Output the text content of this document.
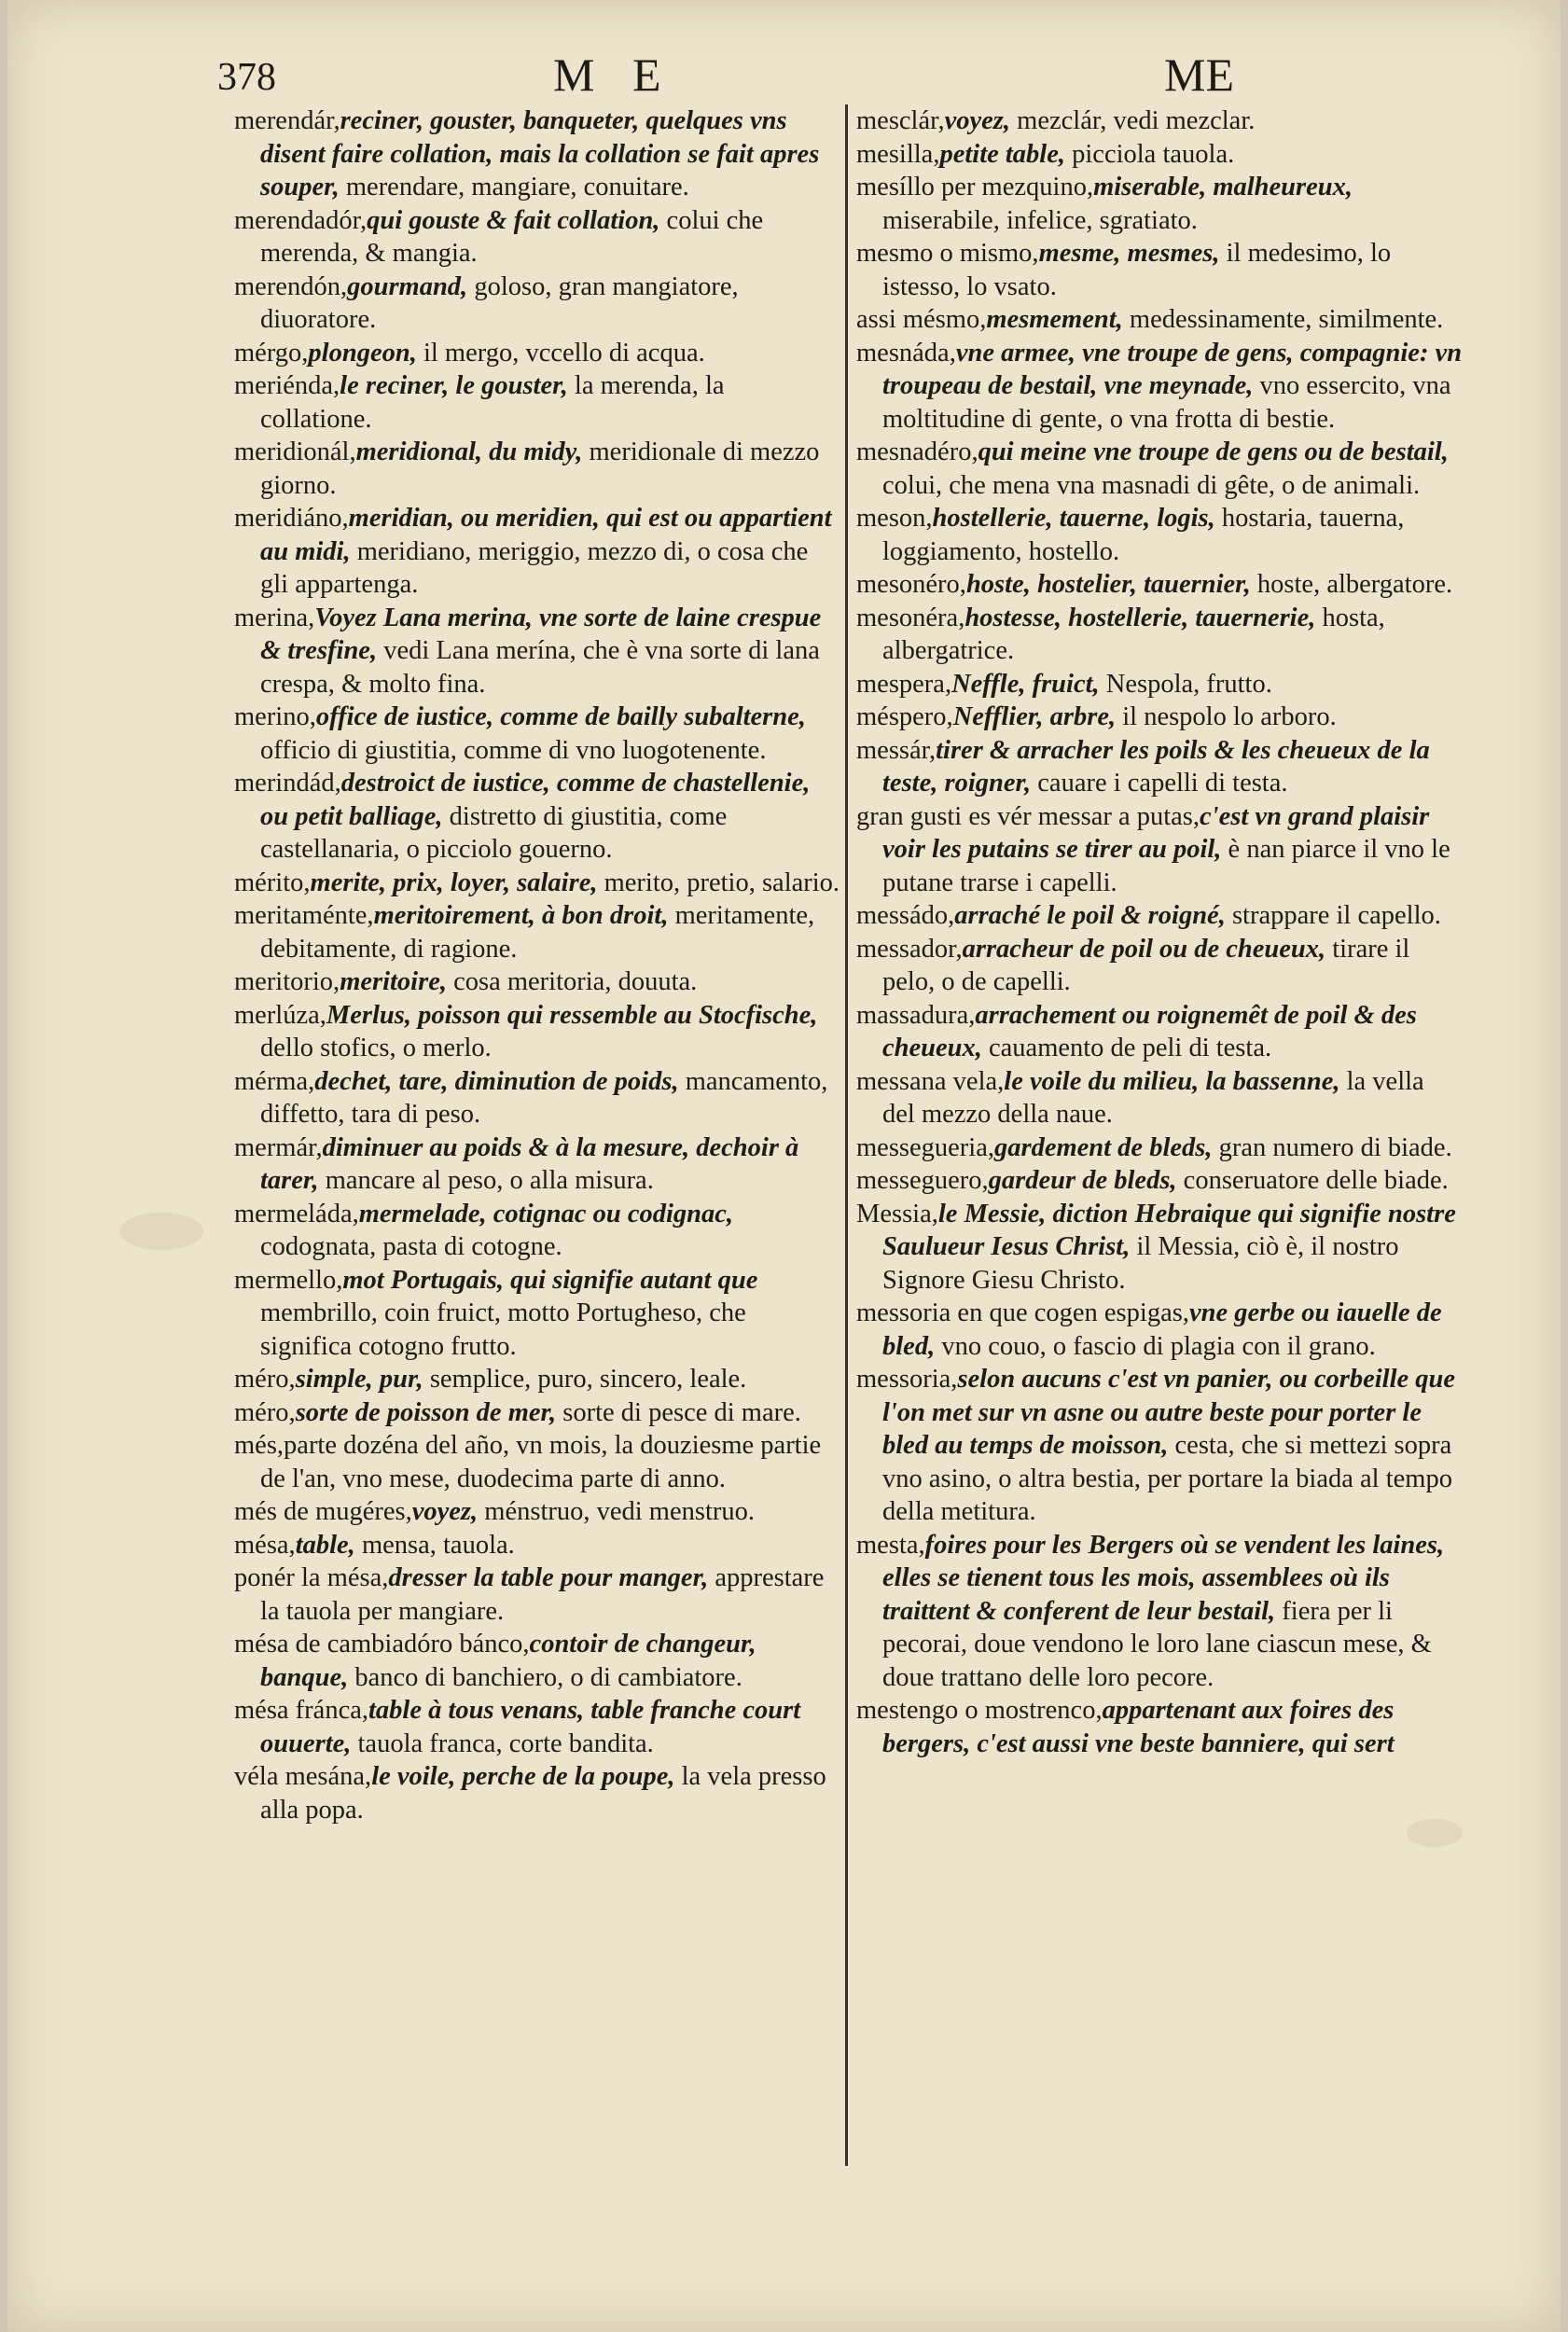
378	M E	ME

merendár,reciner, gouster, banqueter, quelques vns disent faire collation, mais la collation se fait apres souper, merendare, mangiare, conuitare.

merendadór,qui gouste & fait collation, colui che merenda, & mangia.

merendón,gourmand, goloso, gran mangiatore, diuoratore.

mérgo,plongeon, il mergo, vccello di acqua.

meriénda,le reciner, le gouster, la merenda, la collatione.

meridionál,meridional, du midy, meridionale di mezzo giorno.

meridiáno,meridian, ou meridien, qui est ou appartient au midi, meridiano, meriggio, mezzo di, o cosa che gli appartenga.

merina,Voyez Lana merina, vne sorte de laine crespue & tresfine, vedi Lana merína, che è vna sorte di lana crespa, & molto fina.

merino,office de iustice, comme de bailly subalterne, officio di giustitia, comme di vno luogotenente.

merindád,destroict de iustice, comme de chastellenie, ou petit balliage, distretto di giustitia, come castellanaria, o picciolo gouerno.

mérito,merite, prix, loyer, salaire, merito, pretio, salario.

meritaménte,meritoirement, à bon droit, meritamente, debitamente, di ragione.

meritorio,meritoire, cosa meritoria, douuta.

merlúza,Merlus, poisson qui ressemble au Stocfische, dello stofics, o merlo.

mérma,dechet, tare, diminution de poids, mancamento, diffetto, tara di peso.

mermár,diminuer au poids & à la mesure, dechoir à tarer, mancare al peso, o alla misura.

mermeláda,mermelade, cotignac ou codignac, codognata, pasta di cotogne.

mermello,mot Portugais, qui signifie autant que membrillo, coin fruict, motto Portughesо, che significa cotogno frutto.

méro,simple, pur, semplice, puro, sincero, leale.

méro,sorte de poisson de mer, sorte di pesce di mare.

més,parte dozéna del año, vn mois, la douziesme partie de l'an, vno mese, duodecima parte di anno.

més de mugéres,voyez, ménstruo, vedi menstruo.

mésa,table, mensa, tauola.

ponér la mésa,dresser la table pour manger, apprestare la tauola per mangiare.

mésa de cambiadóro báncо,contoir de changeur, banque, banco di banchiero, o di cambiatore.

mésa fránca,table à tous venans, table franche court ouuerte, tauola franca, corte bandita.

véla mesána,le voile, perche de la poupe, la vela presso alla popa.

mesclár,voyez, mezclár, vedi mezclar.

mesilla,petite table, picciola tauola.

mesíllo per mezquino,miserable, malheureux, miserabile, infelice, sgratiato.

mesmo o mismo,mesme, mesmes, il medesimo, lo istesso, lo vsato.

assi mésmo,mesmement, medessinamente, similmente.

mesnáda,vne armee, vne troupe de gens, compagnie: vn troupeau de bestail, vne meynade, vno essercito, vna moltitudine di gente, o vna frotta di bestie.

mesnadéro,qui meine vne troupe de gens ou de bestail, colui, che mena vna masnadi di gête, o de animali.

meson,hostellerie, tauerne, logis, hostaria, tauerna, loggiamento, hostello.

mesonéro,hoste, hostelier, tauernier, hoste, albergatore.

mesonéra,hostesse, hostellerie, tauernerie, hosta, albergatrice.

mespera,Neffle, fruict, Nespola, frutto.

méspero,Nefflier, arbre, il nespolo lo arboro.

messár,tirer & arracher les poils & les cheueux de la teste, roigner, cauare i capelli di testa.

gran gusti es vér messar a putas,c'est vn grand plaisir voir les putains se tirer au poil, è nan piarce il vno le putane trarse i capelli.

messádo,arraché le poil & roigné, strappare il capello.

messador,arracheur de poil ou de cheueux, tirare il pelo, o de capelli.

massadura,arrachement ou roignemêt de poil & des cheueux, cauamento de peli di testa.

messana vela,le voile du milieu, la bassenne, la vella del mezzo della naue.

messegueria,gardement de bleds, gran numero di biade.

messeguero,gardeur de bleds, conseruatore delle biade.

Messia,le Messie, diction Hebraique qui signifie nostre Saulueur Iesus Christ, il Messia, ciò è, il nostro Signore Giesu Christo.

messoria en que cogen espigas,vne gerbe ou iauelle de bled, vno couo, o fascio di plagia con il grano.

messoria,selon aucuns c'est vn panier, ou corbeille que l'on met sur vn asne ou autre beste pour porter le bled au temps de moisson, cesta, che si mettezi sopra vno asino, o altra bestia, per portare la biada al tempo della metitura.

mesta,foires pour les Bergers où se vendent les laines, elles se tienent tous les mois, assemblees où ils traittent & conferent de leur bestail, fiera per li pecorai, doue vendono le loro lane ciascun mese, & doue trattano delle loro pecore.

mestengo o mostrenco,appartenant aux foires des bergers, c'est aussi vne beste banniere, qui sert
